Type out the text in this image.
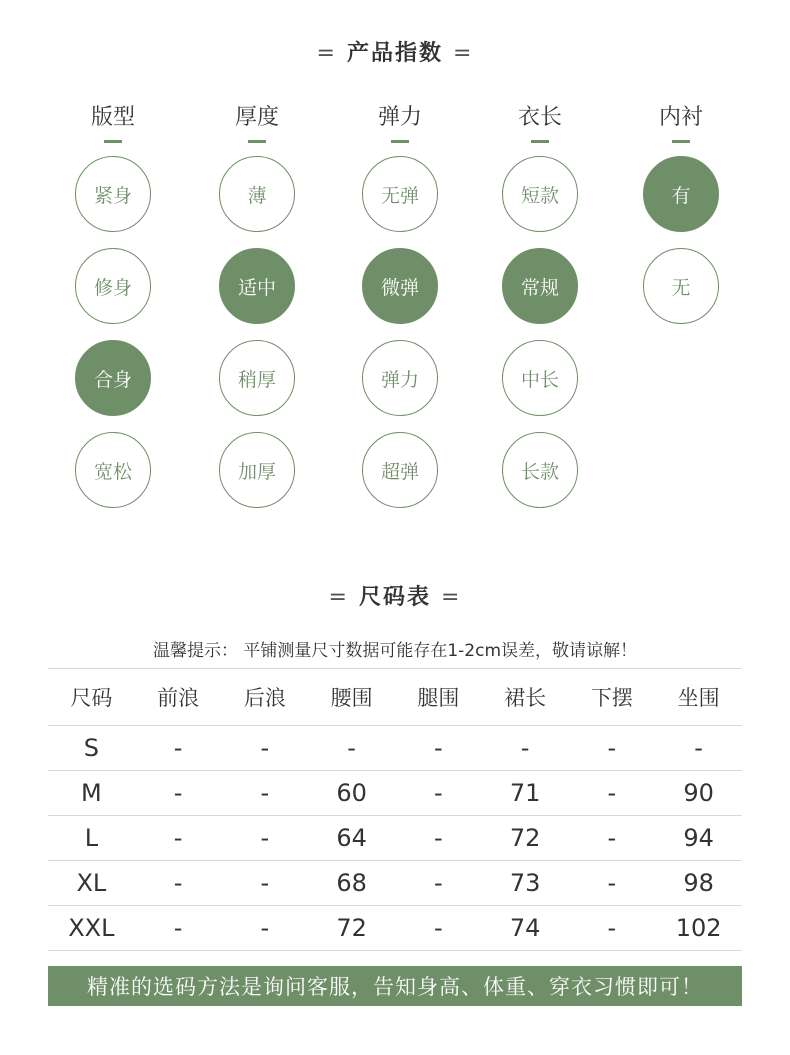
= 产品指数 =
版型
紧身
修身
合身
宽松
厚度
薄
适中
稍厚
加厚
弹力
无弹
微弹
弹力
超弹
衣长
短款
常规
中长
长款
内衬
有
无
= 尺码表 =
温馨提示： 平铺测量尺寸数据可能存在1-2cm误差，敬请谅解！
尺码	前浪	后浪	腰围	腿围	裙长	下摆	坐围
S	-	-	-	-	-	-	-
M	-	-	60	-	71	-	90
L	-	-	64	-	72	-	94
XL	-	-	68	-	73	-	98
XXL	-	-	72	-	74	-	102
精准的选码方法是询问客服，告知身高、体重、穿衣习惯即可！
